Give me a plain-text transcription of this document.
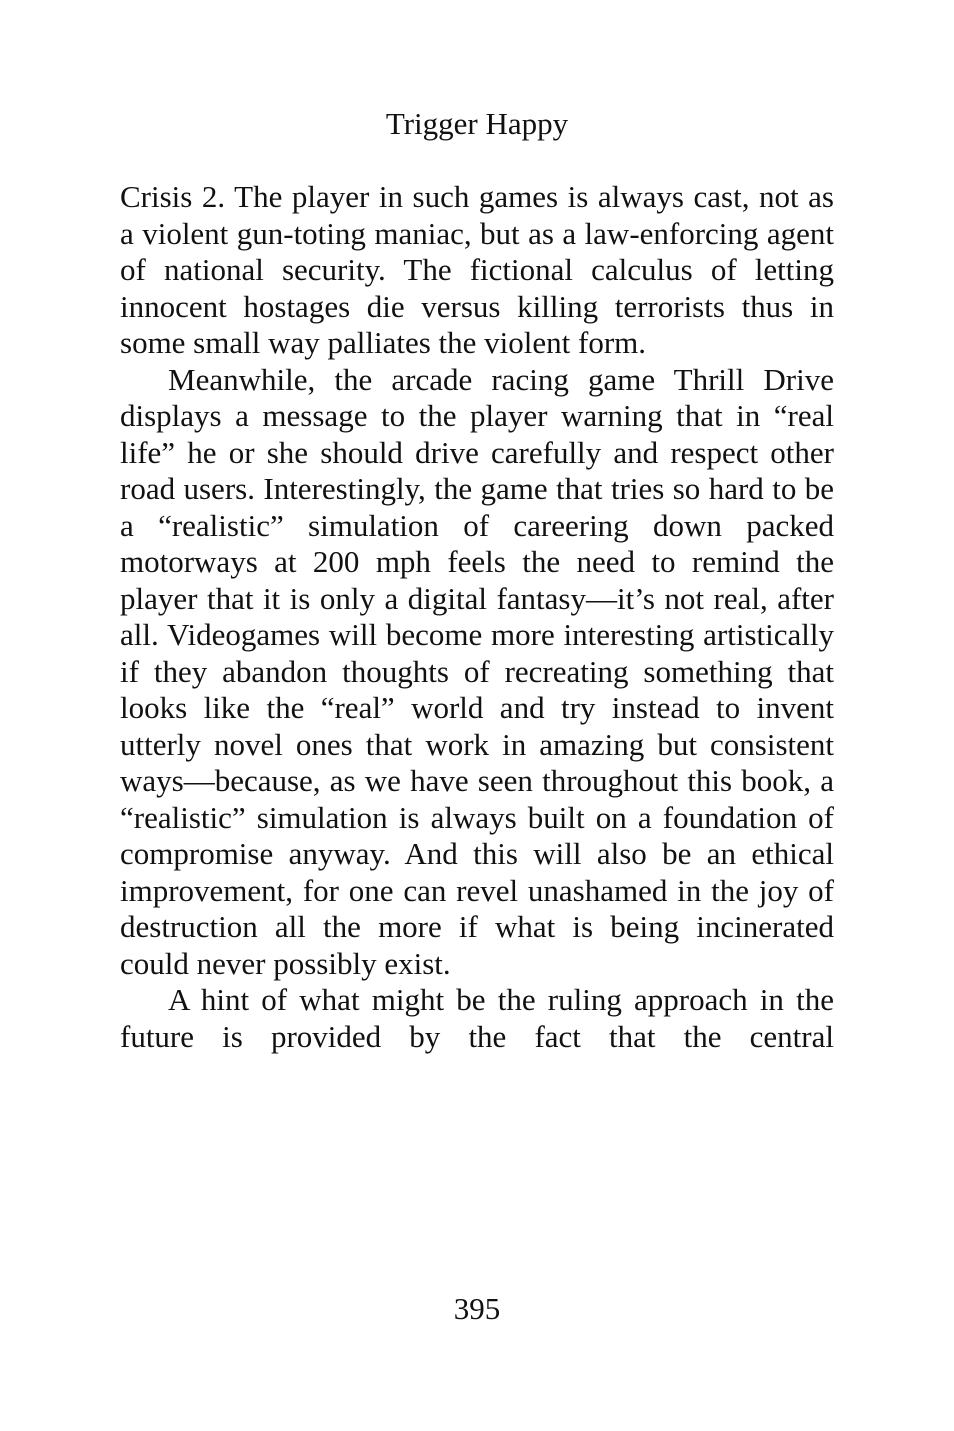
Trigger Happy

Crisis 2. The player in such games is always cast, not as a violent gun-toting maniac, but as a law-enforcing agent of national security. The fictional calculus of letting innocent hostages die versus killing terrorists thus in some small way palliates the violent form.

Meanwhile, the arcade racing game Thrill Drive displays a message to the player warning that in “real life” he or she should drive carefully and respect other road users. Interestingly, the game that tries so hard to be a “realistic” simulation of careering down packed motorways at 200 mph feels the need to remind the player that it is only a digital fantasy—it’s not real, after all. Videogames will become more interesting artistically if they abandon thoughts of recreating something that looks like the “real” world and try instead to invent utterly novel ones that work in amazing but consistent ways—because, as we have seen throughout this book, a “realistic” simulation is always built on a foundation of compromise anyway. And this will also be an ethical improvement, for one can revel unashamed in the joy of destruction all the more if what is being incinerated could never possibly exist.

A hint of what might be the ruling approach in the future is provided by the fact that the central

395
